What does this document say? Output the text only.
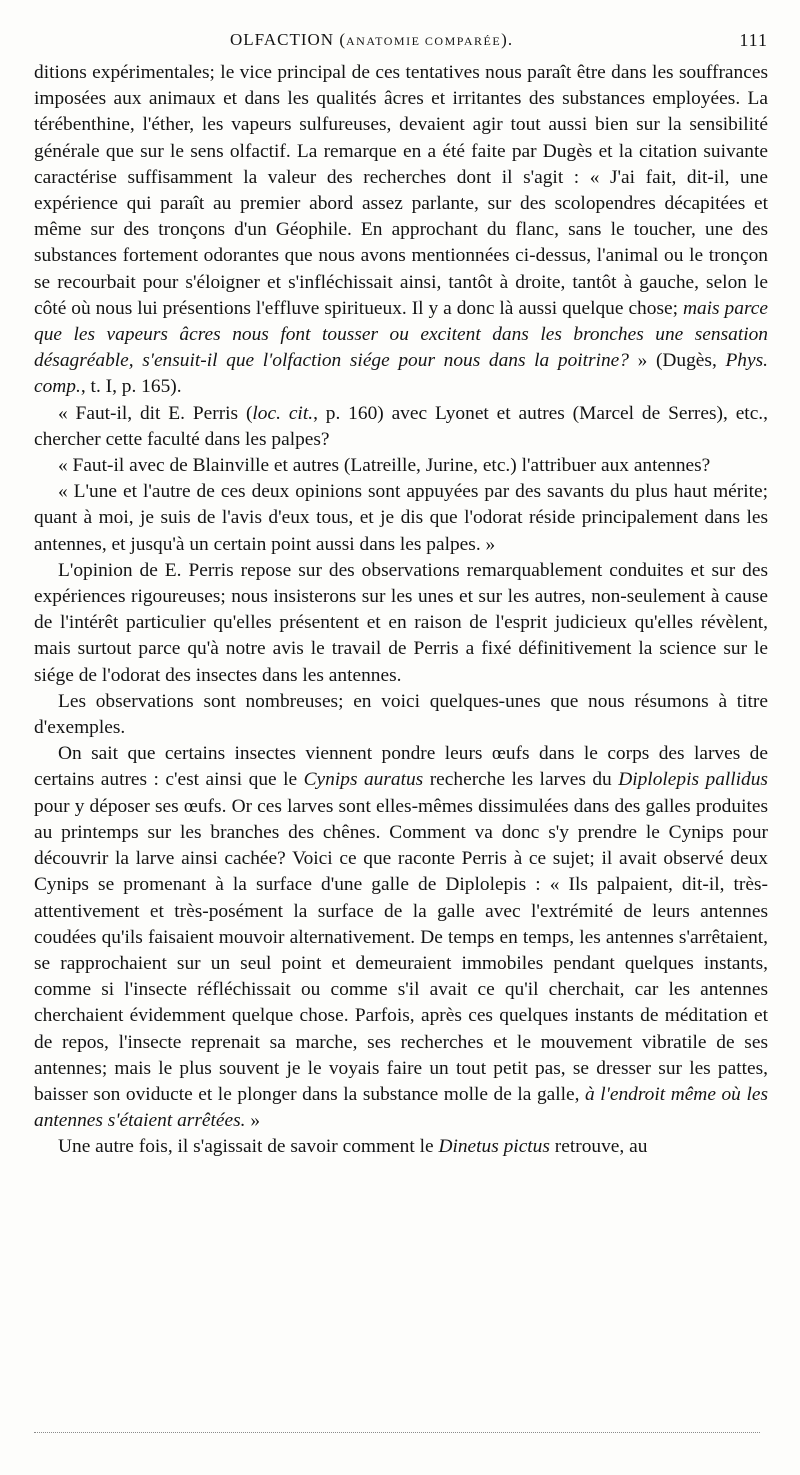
OLFACTION (ANATOMIE COMPARÉE).	111

ditions expérimentales; le vice principal de ces tentatives nous paraît être dans les souffrances imposées aux animaux et dans les qualités âcres et irritantes des substances employées. La térébenthine, l'éther, les vapeurs sulfureuses, devaient agir tout aussi bien sur la sensibilité générale que sur le sens olfactif. La remarque en a été faite par Dugès et la citation suivante caractérise suffisamment la valeur des recherches dont il s'agit : « J'ai fait, dit-il, une expérience qui paraît au premier abord assez parlante, sur des scolopendres décapitées et même sur des tronçons d'un Géophile. En approchant du flanc, sans le toucher, une des substances fortement odorantes que nous avons mentionnées ci-dessus, l'animal ou le tronçon se recourbait pour s'éloigner et s'infléchissait ainsi, tantôt à droite, tantôt à gauche, selon le côté où nous lui présentions l'effluve spiritueux. Il y a donc là aussi quelque chose; mais parce que les vapeurs âcres nous font tousser ou excitent dans les bronches une sensation désagréable, s'ensuit-il que l'olfaction siége pour nous dans la poitrine? » (Dugès, Phys. comp., t. I, p. 165).

« Faut-il, dit E. Perris (loc. cit., p. 160) avec Lyonet et autres (Marcel de Serres), etc., chercher cette faculté dans les palpes?

« Faut-il avec de Blainville et autres (Latreille, Jurine, etc.) l'attribuer aux antennes?

« L'une et l'autre de ces deux opinions sont appuyées par des savants du plus haut mérite; quant à moi, je suis de l'avis d'eux tous, et je dis que l'odorat réside principalement dans les antennes, et jusqu'à un certain point aussi dans les palpes. »

L'opinion de E. Perris repose sur des observations remarquablement conduites et sur des expériences rigoureuses; nous insisterons sur les unes et sur les autres, non-seulement à cause de l'intérêt particulier qu'elles présentent et en raison de l'esprit judicieux qu'elles révèlent, mais surtout parce qu'à notre avis le travail de Perris a fixé définitivement la science sur le siége de l'odorat des insectes dans les antennes.

Les observations sont nombreuses; en voici quelques-unes que nous résumons à titre d'exemples.

On sait que certains insectes viennent pondre leurs œufs dans le corps des larves de certains autres : c'est ainsi que le Cynips auratus recherche les larves du Diplolepis pallidus pour y déposer ses œufs. Or ces larves sont elles-mêmes dissimulées dans des galles produites au printemps sur les branches des chênes. Comment va donc s'y prendre le Cynips pour découvrir la larve ainsi cachée? Voici ce que raconte Perris à ce sujet; il avait observé deux Cynips se promenant à la surface d'une galle de Diplolepis : « Ils palpaient, dit-il, très-attentivement et très-posément la surface de la galle avec l'extrémité de leurs antennes coudées qu'ils faisaient mouvoir alternativement. De temps en temps, les antennes s'arrêtaient, se rapprochaient sur un seul point et demeuraient immobiles pendant quelques instants, comme si l'insecte réfléchissait ou comme s'il avait ce qu'il cherchait, car les antennes cherchaient évidemment quelque chose. Parfois, après ces quelques instants de méditation et de repos, l'insecte reprenait sa marche, ses recherches et le mouvement vibratile de ses antennes; mais le plus souvent je le voyais faire un tout petit pas, se dresser sur les pattes, baisser son oviducte et le plonger dans la substance molle de la galle, à l'endroit même où les antennes s'étaient arrêtées. »

Une autre fois, il s'agissait de savoir comment le Dinetus pictus retrouve, au
